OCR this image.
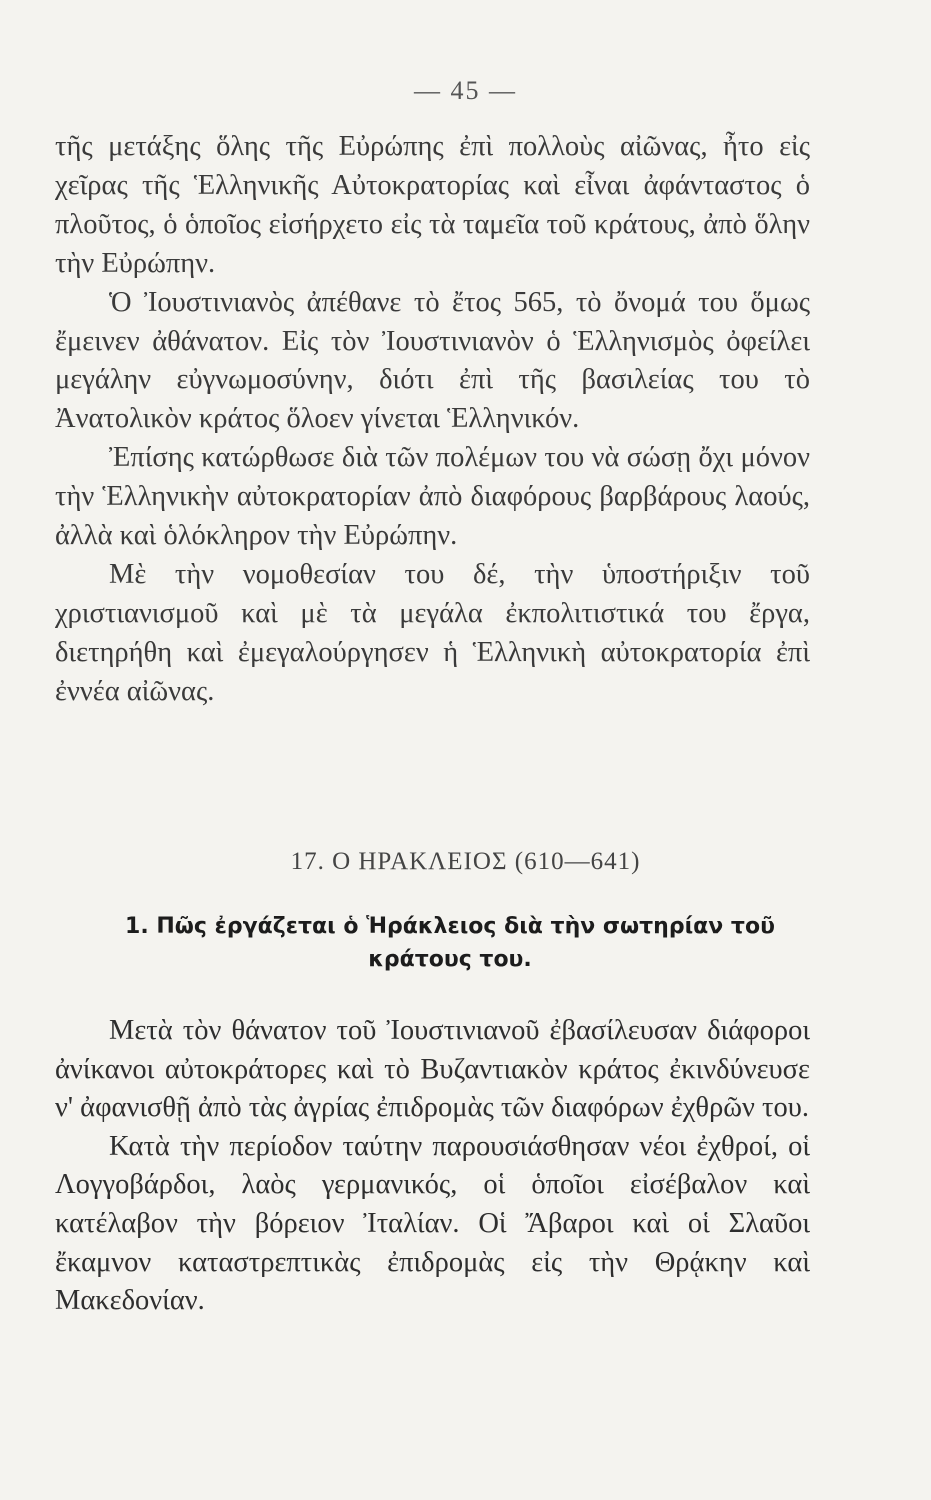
— 45 —

τῆς μετάξης ὅλης τῆς Εὐρώπης ἐπὶ πολλοὺς αἰῶνας, ἦτο εἰς χεῖρας τῆς Ἑλληνικῆς Αὐτοκρατορίας καὶ εἶναι ἀφάνταστος ὁ πλοῦτος, ὁ ὁποῖος εἰσήρχετο εἰς τὰ ταμεῖα τοῦ κράτους, ἀπὸ ὅλην τὴν Εὐρώπην.

Ὁ Ἰουστινιανὸς ἀπέθανε τὸ ἔτος 565, τὸ ὄνομά του ὅμως ἔμεινεν ἀθάνατον. Εἰς τὸν Ἰουστινιανὸν ὁ Ἑλληνισμὸς ὀφείλει μεγάλην εὐγνωμοσύνην, διότι ἐπὶ τῆς βασιλείας του τὸ Ἀνατολικὸν κράτος ὅλοεν γίνεται Ἑλληνικόν.

Ἐπίσης κατώρθωσε διὰ τῶν πολέμων του νὰ σώσῃ ὄχι μόνον τὴν Ἑλληνικὴν αὐτοκρατορίαν ἀπὸ διαφόρους βαρβάρους λαούς, ἀλλὰ καὶ ὁλόκληρον τὴν Εὐρώπην.

Μὲ τὴν νομοθεσίαν του δέ, τὴν ὑποστήριξιν τοῦ χριστιανισμοῦ καὶ μὲ τὰ μεγάλα ἐκπολιτιστικά του ἔργα, διετηρήθη καὶ ἐμεγαλούργησεν ἡ Ἑλληνικὴ αὐτοκρατορία ἐπὶ ἐννέα αἰῶνας.

17. Ο ΗΡΑΚΛΕΙΟΣ (610—641)
1. Πῶς ἐργάζεται ὁ Ἡράκλειος διὰ τὴν σωτηρίαν τοῦ κράτους του.

Μετὰ τὸν θάνατον τοῦ Ἰουστινιανοῦ ἐβασίλευσαν διάφοροι ἀνίκανοι αὐτοκράτορες καὶ τὸ Βυζαντιακὸν κράτος ἐκινδύνευσε ν' ἀφανισθῇ ἀπὸ τὰς ἀγρίας ἐπιδρομὰς τῶν διαφόρων ἐχθρῶν του.

Κατὰ τὴν περίοδον ταύτην παρουσιάσθησαν νέοι ἐχθροί, οἱ Λογγοβάρδοι, λαὸς γερμανικός, οἱ ὁποῖοι εἰσέβαλον καὶ κατέλαβον τὴν βόρειον Ἰταλίαν. Οἱ Ἄβαροι καὶ οἱ Σλαῦοι ἔκαμνον καταστρεπτικὰς ἐπιδρομὰς εἰς τὴν Θρᾴκην καὶ Μακεδονίαν.
